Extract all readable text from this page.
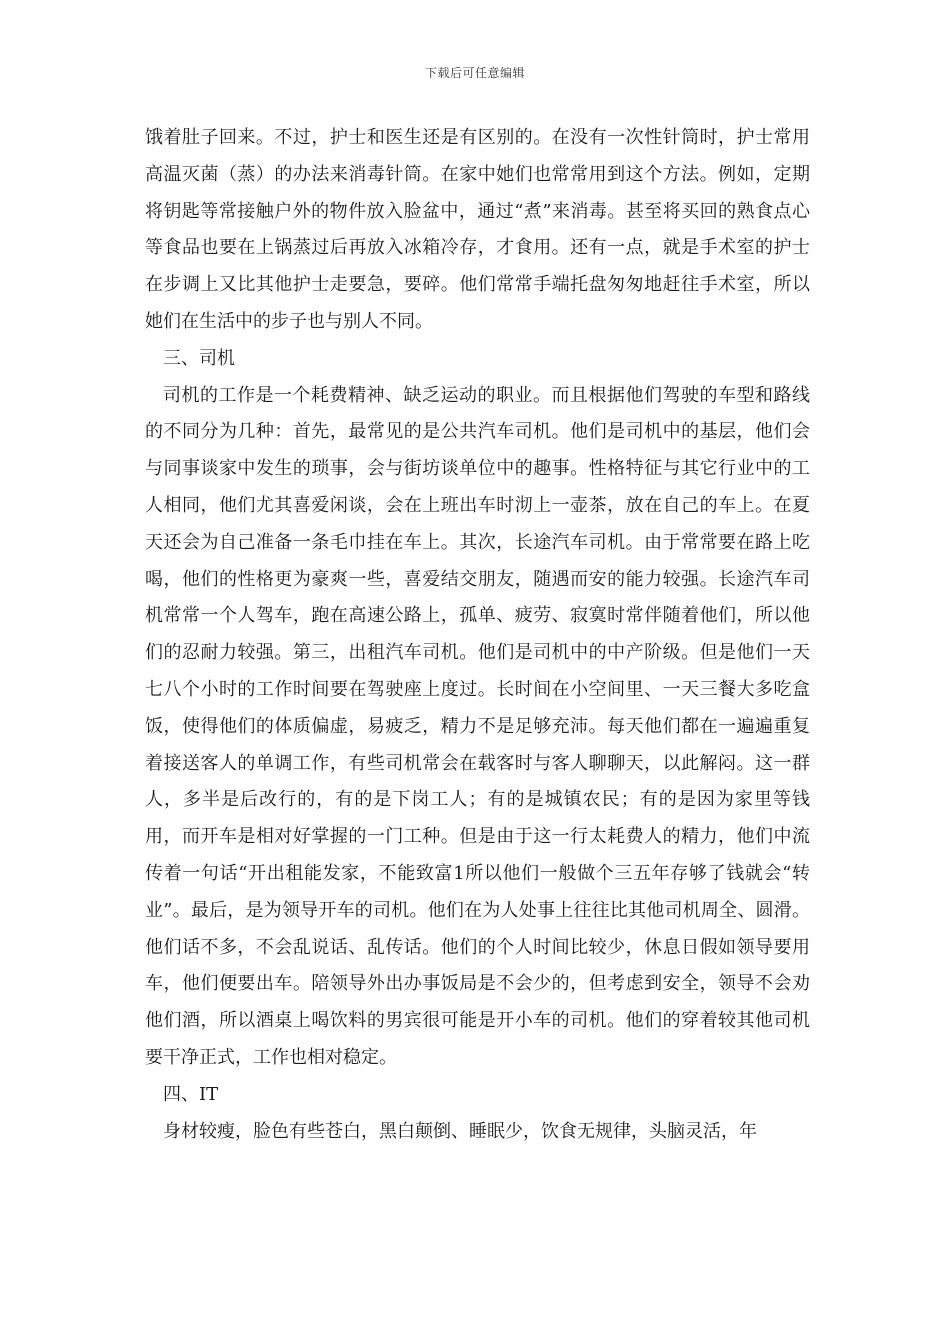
下载后可任意编辑

饿着肚子回来。不过，护士和医生还是有区别的。在没有一次性针筒时，护士常用高温灭菌（蒸）的办法来消毒针筒。在家中她们也常常用到这个方法。例如，定期将钥匙等常接触户外的物件放入脸盆中，通过“煮”来消毒。甚至将买回的熟食点心等食品也要在上锅蒸过后再放入冰箱冷存，才食用。还有一点，就是手术室的护士在步调上又比其他护士走要急，要碎。他们常常手端托盘匆匆地赶往手术室，所以她们在生活中的步子也与别人不同。

三、司机

司机的工作是一个耗费精神、缺乏运动的职业。而且根据他们驾驶的车型和路线的不同分为几种：首先，最常见的是公共汽车司机。他们是司机中的基层，他们会与同事谈家中发生的琐事，会与街坊谈单位中的趣事。性格特征与其它行业中的工人相同，他们尤其喜爱闲谈，会在上班出车时沏上一壶茶，放在自己的车上。在夏天还会为自己准备一条毛巾挂在车上。其次，长途汽车司机。由于常常要在路上吃喝，他们的性格更为豪爽一些，喜爱结交朋友，随遇而安的能力较强。长途汽车司机常常一个人驾车，跑在高速公路上，孤单、疲劳、寂寞时常伴随着他们，所以他们的忍耐力较强。第三，出租汽车司机。他们是司机中的中产阶级。但是他们一天七八个小时的工作时间要在驾驶座上度过。长时间在小空间里、一天三餐大多吃盒饭，使得他们的体质偏虚，易疲乏，精力不是足够充沛。每天他们都在一遍遍重复着接送客人的单调工作，有些司机常会在载客时与客人聊聊天，以此解闷。这一群人，多半是后改行的，有的是下岗工人；有的是城镇农民；有的是因为家里等钱用，而开车是相对好掌握的一门工种。但是由于这一行太耗费人的精力，他们中流传着一句话“开出租能发家，不能致富1所以他们一般做个三五年存够了钱就会“转业”。最后，是为领导开车的司机。他们在为人处事上往往比其他司机周全、圆滑。他们话不多，不会乱说话、乱传话。他们的个人时间比较少，休息日假如领导要用车，他们便要出车。陪领导外出办事饭局是不会少的，但考虑到安全，领导不会劝他们酒，所以酒桌上喝饮料的男宾很可能是开小车的司机。他们的穿着较其他司机要干净正式，工作也相对稳定。

四、IT

身材较瘦，脸色有些苍白，黑白颠倒、睡眠少，饮食无规律，头脑灵活，年
